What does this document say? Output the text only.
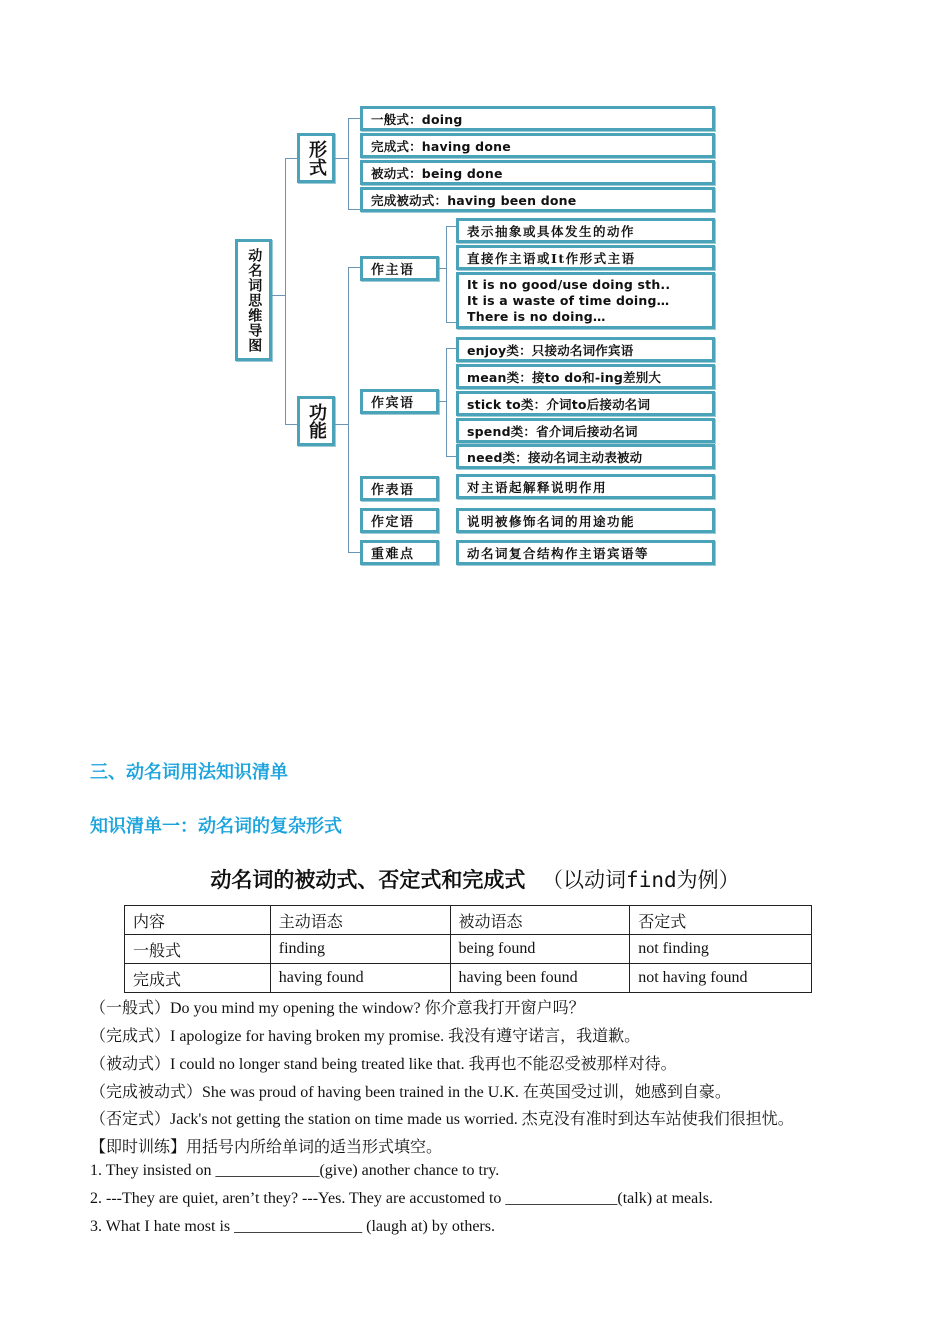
动名词思维导图
形式
一般式：doing
完成式：having done
被动式：being done
完成被动式：having been done
功能
作主语
表示抽象或具体发生的动作
直接作主语或It作形式主语
It is no good/use doing sth..
It is a waste of time doing…
There is no doing…
作宾语
enjoy类：只接动名词作宾语
mean类：接to do和-ing差别大
stick to类：介词to后接动名词
spend类：省介词后接动名词
need类：接动名词主动表被动
作表语	对主语起解释说明作用
作定语	说明被修饰名词的用途功能
重难点	动名词复合结构作主语宾语等
三、动名词用法知识清单
知识清单一：动名词的复杂形式
动名词的被动式、否定式和完成式 （以动词find为例）
内容	主动语态	被动语态	否定式
一般式	finding	being found	not finding
完成式	having found	having been found	not having found
（一般式）Do you mind my opening the window? 你介意我打开窗户吗？
（完成式）I apologize for having broken my promise. 我没有遵守诺言，我道歉。
（被动式）I could no longer stand being treated like that. 我再也不能忍受被那样对待。
（完成被动式）She was proud of having been trained in the U.K. 在英国受过训，她感到自豪。
（否定式）Jack's not getting the station on time made us worried. 杰克没有准时到达车站使我们很担忧。
【即时训练】用括号内所给单词的适当形式填空。
1. They insisted on _____________(give) another chance to try.
2. ---They are quiet, aren’t they? ---Yes. They are accustomed to ______________(talk) at meals.
3. What I hate most is ________________ (laugh at) by others.
